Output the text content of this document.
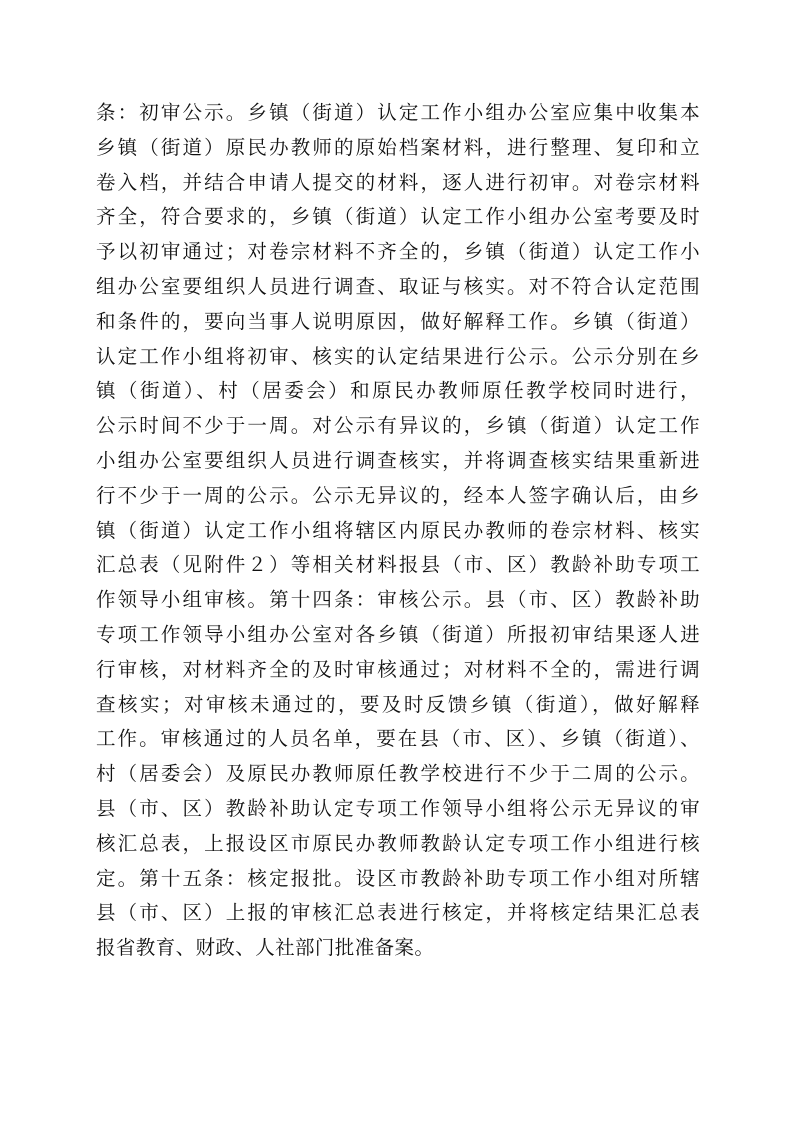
条：初审公示。乡镇（街道）认定工作小组办公室应集中收集本
乡镇（街道）原民办教师的原始档案材料，进行整理、复印和立
卷入档，并结合申请人提交的材料，逐人进行初审。对卷宗材料
齐全，符合要求的，乡镇（街道）认定工作小组办公室考要及时
予以初审通过；对卷宗材料不齐全的，乡镇（街道）认定工作小
组办公室要组织人员进行调查、取证与核实。对不符合认定范围
和条件的，要向当事人说明原因，做好解释工作。乡镇（街道）
认定工作小组将初审、核实的认定结果进行公示。公示分别在乡
镇（街道）、村（居委会）和原民办教师原任教学校同时进行，
公示时间不少于一周。对公示有异议的，乡镇（街道）认定工作
小组办公室要组织人员进行调查核实，并将调查核实结果重新进
行不少于一周的公示。公示无异议的，经本人签字确认后，由乡
镇（街道）认定工作小组将辖区内原民办教师的卷宗材料、核实
汇总表（见附件２）等相关材料报县（市、区）教龄补助专项工
作领导小组审核。第十四条：审核公示。县（市、区）教龄补助
专项工作领导小组办公室对各乡镇（街道）所报初审结果逐人进
行审核，对材料齐全的及时审核通过；对材料不全的，需进行调
查核实；对审核未通过的，要及时反馈乡镇（街道），做好解释
工作。审核通过的人员名单，要在县（市、区）、乡镇（街道）、
村（居委会）及原民办教师原任教学校进行不少于二周的公示。
县（市、区）教龄补助认定专项工作领导小组将公示无异议的审
核汇总表，上报设区市原民办教师教龄认定专项工作小组进行核
定。第十五条：核定报批。设区市教龄补助专项工作小组对所辖
县（市、区）上报的审核汇总表进行核定，并将核定结果汇总表
报省教育、财政、人社部门批准备案。
